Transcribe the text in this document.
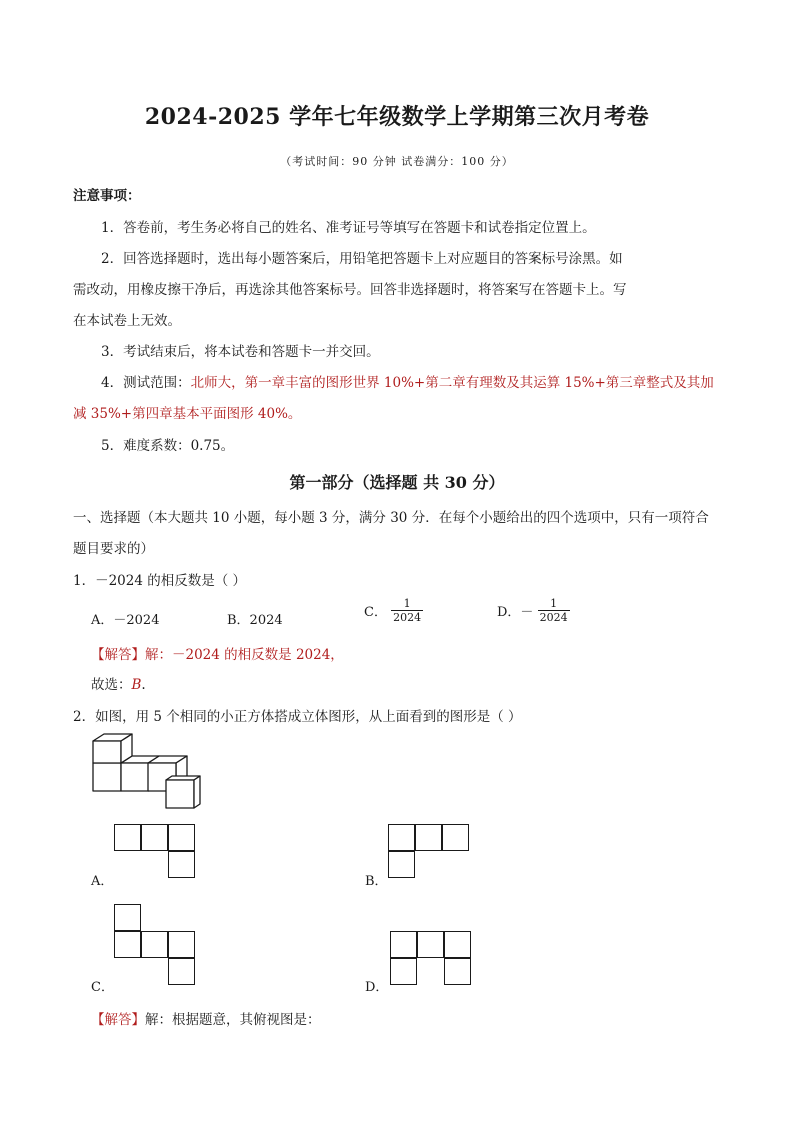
2024-2025 学年七年级数学上学期第三次月考卷
（考试时间：90 分钟 试卷满分：100 分）
注意事项：
1．答卷前，考生务必将自己的姓名、准考证号等填写在答题卡和试卷指定位置上。
2．回答选择题时，选出每小题答案后，用铅笔把答题卡上对应题目的答案标号涂黑。如
需改动，用橡皮擦干净后，再选涂其他答案标号。回答非选择题时，将答案写在答题卡上。写
在本试卷上无效。
3．考试结束后，将本试卷和答题卡一并交回。
4．测试范围：北师大，第一章丰富的图形世界 10%+第二章有理数及其运算 15%+第三章整式及其加
减 35%+第四章基本平面图形 40%。
5．难度系数：0.75。
第一部分（选择题 共 30 分）
一、选择题（本大题共 10 小题，每小题 3 分，满分 30 分．在每个小题给出的四个选项中，只有一项符合
题目要求的）
1．－2024 的相反数是（ ）
A．－2024	B．2024
C． $\frac{1}{2024}$	D．－ $\frac{1}{2024}$
【解答】解：－2024 的相反数是 2024，
故选：B.
2．如图，用 5 个相同的小正方体搭成立体图形，从上面看到的图形是（ ）
A．	B．
C．	D．
【解答】解：根据题意，其俯视图是：
